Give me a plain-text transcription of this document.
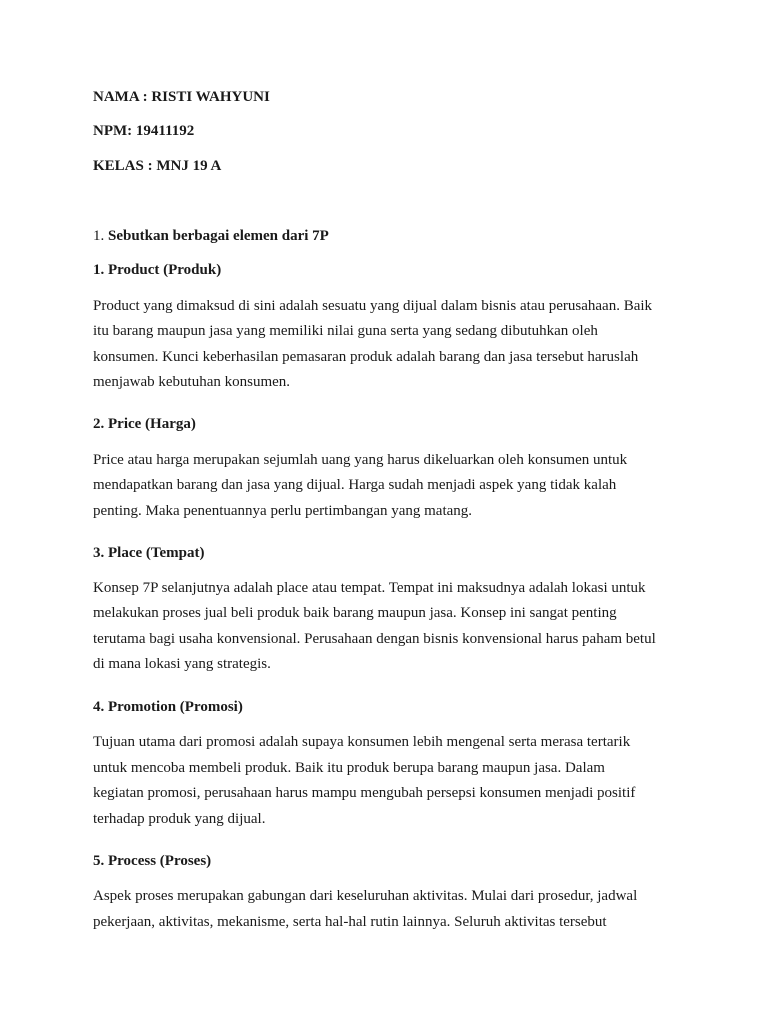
NAMA : RISTI WAHYUNI
NPM: 19411192
KELAS : MNJ 19 A
1. Sebutkan berbagai elemen dari 7P
1. Product (Produk)
Product yang dimaksud di sini adalah sesuatu yang dijual dalam bisnis atau perusahaan. Baik
itu barang maupun jasa yang memiliki nilai guna serta yang sedang dibutuhkan oleh
konsumen. Kunci keberhasilan pemasaran produk adalah barang dan jasa tersebut haruslah
menjawab kebutuhan konsumen.
2. Price (Harga)
Price atau harga merupakan sejumlah uang yang harus dikeluarkan oleh konsumen untuk
mendapatkan barang dan jasa yang dijual. Harga sudah menjadi aspek yang tidak kalah
penting. Maka penentuannya perlu pertimbangan yang matang.
3. Place (Tempat)
Konsep 7P selanjutnya adalah place atau tempat. Tempat ini maksudnya adalah lokasi untuk
melakukan proses jual beli produk baik barang maupun jasa. Konsep ini sangat penting
terutama bagi usaha konvensional. Perusahaan dengan bisnis konvensional harus paham betul
di mana lokasi yang strategis.
4. Promotion (Promosi)
Tujuan utama dari promosi adalah supaya konsumen lebih mengenal serta merasa tertarik
untuk mencoba membeli produk. Baik itu produk berupa barang maupun jasa. Dalam
kegiatan promosi, perusahaan harus mampu mengubah persepsi konsumen menjadi positif
terhadap produk yang dijual.
5. Process (Proses)
Aspek proses merupakan gabungan dari keseluruhan aktivitas. Mulai dari prosedur, jadwal
pekerjaan, aktivitas, mekanisme, serta hal-hal rutin lainnya. Seluruh aktivitas tersebut
